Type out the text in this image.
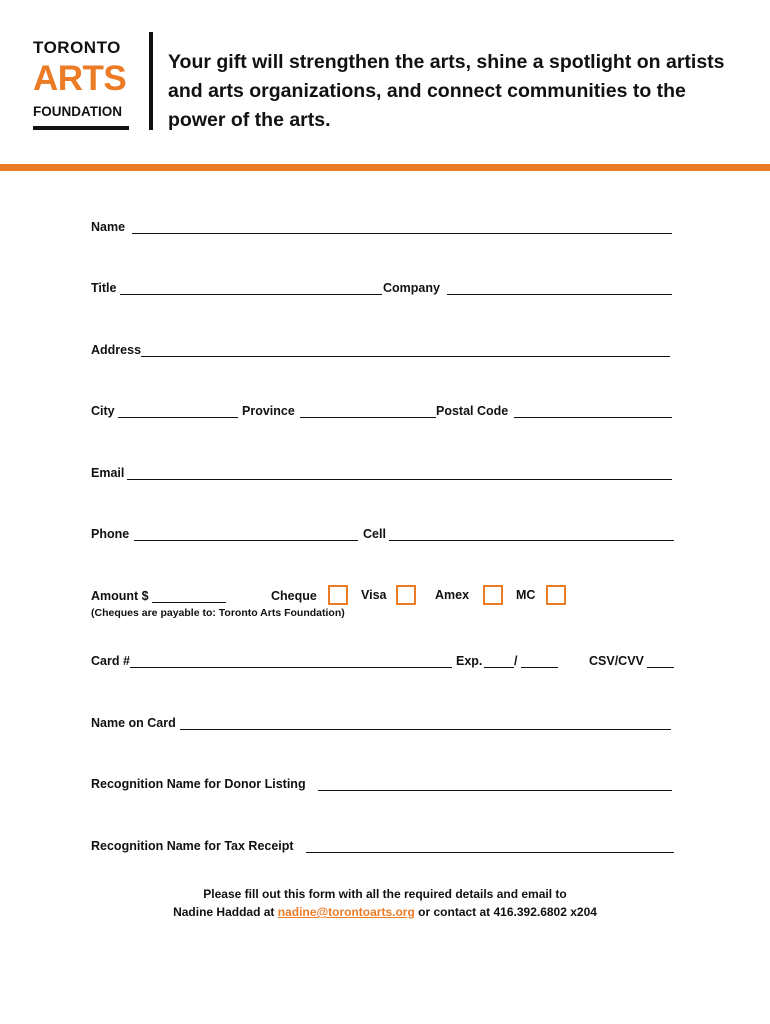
TORONTO
ARTS
FOUNDATION
Your gift will strengthen the arts, shine a spotlight on artists and arts organizations, and connect communities to the power of the arts.
Name
Title	Company
Address
City	Province	Postal Code
Email
Phone	Cell
Amount $	Cheque	Visa	Amex	MC
(Cheques are payable to: Toronto Arts Foundation)
Card #	Exp.	/	CSV/CVV
Name on Card
Recognition Name for Donor Listing
Recognition Name for Tax Receipt
Please fill out this form with all the required details and email to
Nadine Haddad at nadine@torontoarts.org or contact at 416.392.6802 x204
